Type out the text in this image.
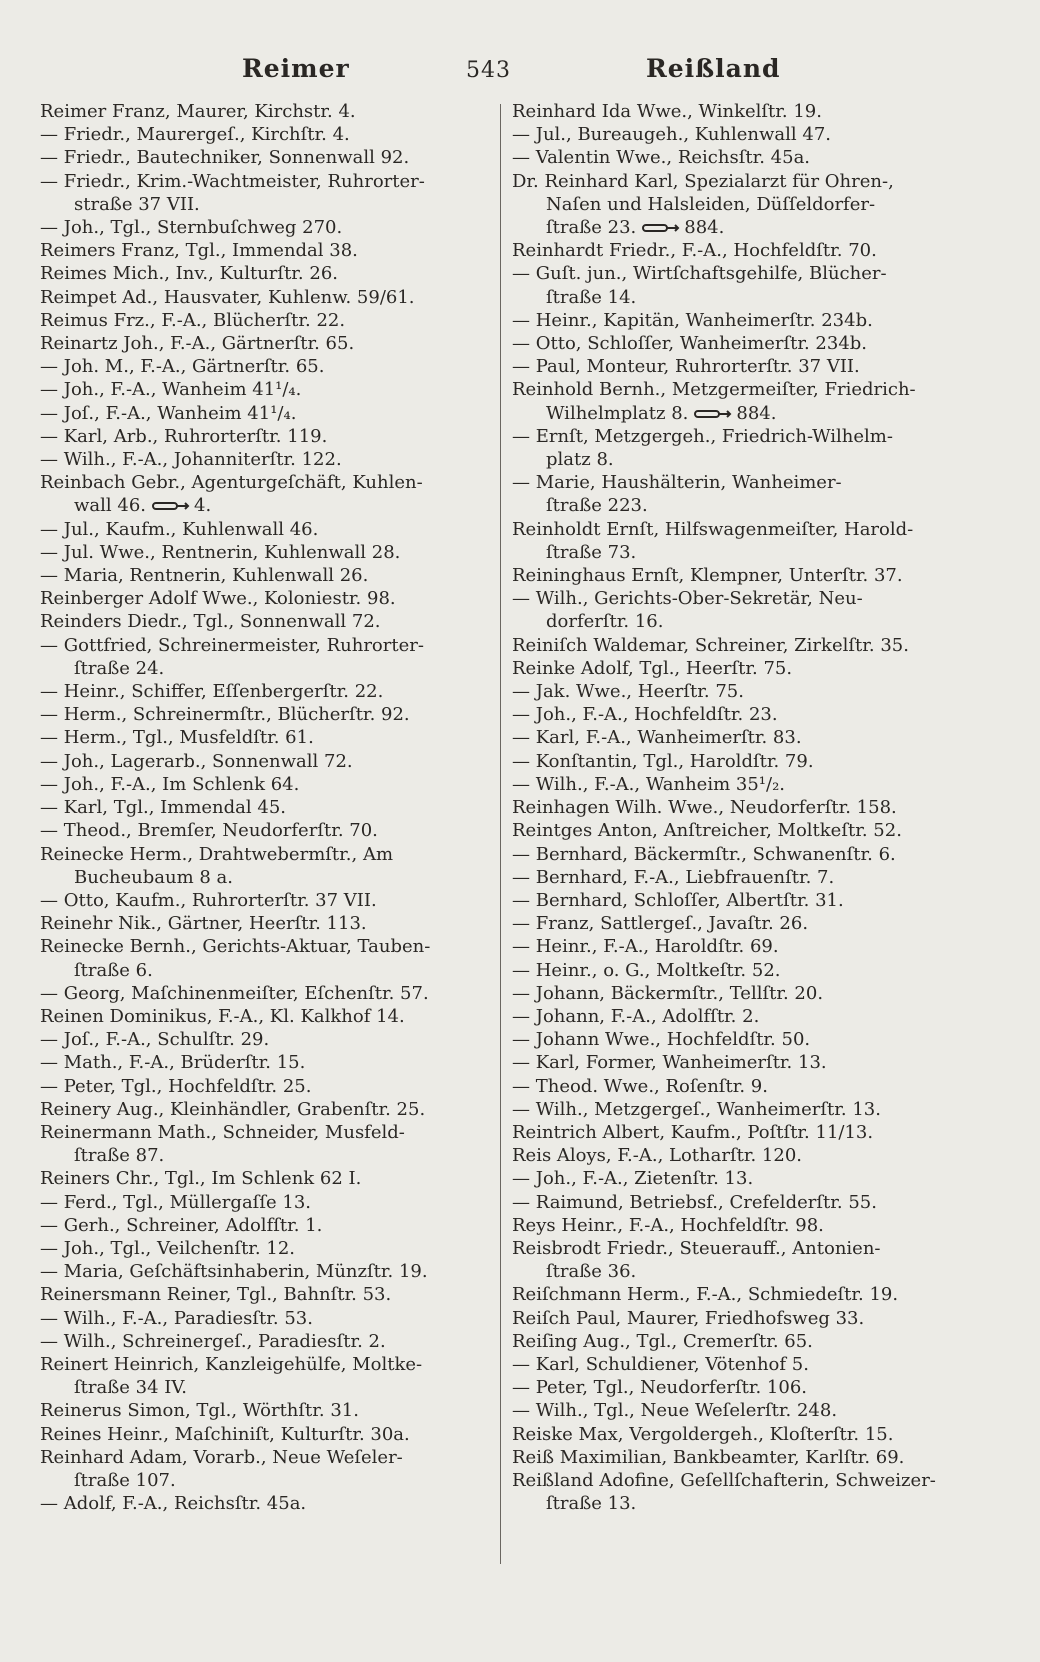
Reimer	543	Reißland
Reimer Franz, Maurer, Kirchstr. 4.
— Friedr., Maurergeſ., Kirchſtr. 4.
— Friedr., Bautechniker, Sonnenwall 92.
— Friedr., Krim.-Wachtmeister, Ruhrorter-
straße 37 VII.
— Joh., Tgl., Sternbuſchweg 270.
Reimers Franz, Tgl., Immendal 38.
Reimes Mich., Inv., Kulturſtr. 26.
Reimpet Ad., Hausvater, Kuhlenw. 59/61.
Reimus Frz., F.-A., Blücherſtr. 22.
Reinartz Joh., F.-A., Gärtnerſtr. 65.
— Joh. M., F.-A., Gärtnerſtr. 65.
— Joh., F.-A., Wanheim 41¹/₄.
— Joſ., F.-A., Wanheim 41¹/₄.
— Karl, Arb., Ruhrorterſtr. 119.
— Wilh., F.-A., Johanniterſtr. 122.
Reinbach Gebr., Agenturgeſchäft, Kuhlen-
wall 46.	4.
— Jul., Kaufm., Kuhlenwall 46.
— Jul. Wwe., Rentnerin, Kuhlenwall 28.
— Maria, Rentnerin, Kuhlenwall 26.
Reinberger Adolf Wwe., Koloniestr. 98.
Reinders Diedr., Tgl., Sonnenwall 72.
— Gottfried, Schreinermeister, Ruhrorter-
ſtraße 24.
— Heinr., Schiffer, Eſſenbergerſtr. 22.
— Herm., Schreinermſtr., Blücherſtr. 92.
— Herm., Tgl., Musfeldſtr. 61.
— Joh., Lagerarb., Sonnenwall 72.
— Joh., F.-A., Im Schlenk 64.
— Karl, Tgl., Immendal 45.
— Theod., Bremſer, Neudorferſtr. 70.
Reinecke Herm., Drahtwebermſtr., Am
Bucheubaum 8 a.
— Otto, Kaufm., Ruhrorterſtr. 37 VII.
Reinehr Nik., Gärtner, Heerſtr. 113.
Reinecke Bernh., Gerichts-Aktuar, Tauben-
ſtraße 6.
— Georg, Maſchinenmeiſter, Eſchenſtr. 57.
Reinen Dominikus, F.-A., Kl. Kalkhof 14.
— Joſ., F.-A., Schulſtr. 29.
— Math., F.-A., Brüderſtr. 15.
— Peter, Tgl., Hochfeldſtr. 25.
Reinery Aug., Kleinhändler, Grabenſtr. 25.
Reinermann Math., Schneider, Musfeld-
ſtraße 87.
Reiners Chr., Tgl., Im Schlenk 62 I.
— Ferd., Tgl., Müllergaſſe 13.
— Gerh., Schreiner, Adolfſtr. 1.
— Joh., Tgl., Veilchenſtr. 12.
— Maria, Geſchäftsinhaberin, Münzſtr. 19.
Reinersmann Reiner, Tgl., Bahnſtr. 53.
— Wilh., F.-A., Paradiesſtr. 53.
— Wilh., Schreinergeſ., Paradiesſtr. 2.
Reinert Heinrich, Kanzleigehülfe, Moltke-
ſtraße 34 IV.
Reinerus Simon, Tgl., Wörthſtr. 31.
Reines Heinr., Maſchiniſt, Kulturſtr. 30a.
Reinhard Adam, Vorarb., Neue Weſeler-
ſtraße 107.
— Adolf, F.-A., Reichsſtr. 45a.
Reinhard Ida Wwe., Winkelſtr. 19.
— Jul., Bureaugeh., Kuhlenwall 47.
— Valentin Wwe., Reichsſtr. 45a.
Dr. Reinhard Karl, Spezialarzt für Ohren-,
Naſen und Halsleiden, Düſſeldorfer-
ſtraße 23.	884.
Reinhardt Friedr., F.-A., Hochfeldſtr. 70.
— Guſt. jun., Wirtſchaftsgehilfe, Blücher-
ſtraße 14.
— Heinr., Kapitän, Wanheimerſtr. 234b.
— Otto, Schloſſer, Wanheimerſtr. 234b.
— Paul, Monteur, Ruhrorterſtr. 37 VII.
Reinhold Bernh., Metzgermeiſter, Friedrich-
Wilhelmplatz 8.	884.
— Ernſt, Metzgergeh., Friedrich-Wilhelm-
platz 8.
— Marie, Haushälterin, Wanheimer-
ſtraße 223.
Reinholdt Ernſt, Hilfswagenmeiſter, Harold-
ſtraße 73.
Reininghaus Ernſt, Klempner, Unterſtr. 37.
— Wilh., Gerichts-Ober-Sekretär, Neu-
dorferſtr. 16.
Reiniſch Waldemar, Schreiner, Zirkelſtr. 35.
Reinke Adolf, Tgl., Heerſtr. 75.
— Jak. Wwe., Heerſtr. 75.
— Joh., F.-A., Hochfeldſtr. 23.
— Karl, F.-A., Wanheimerſtr. 83.
— Konſtantin, Tgl., Haroldſtr. 79.
— Wilh., F.-A., Wanheim 35¹/₂.
Reinhagen Wilh. Wwe., Neudorferſtr. 158.
Reintges Anton, Anſtreicher, Moltkeſtr. 52.
— Bernhard, Bäckermſtr., Schwanenſtr. 6.
— Bernhard, F.-A., Liebfrauenſtr. 7.
— Bernhard, Schloſſer, Albertſtr. 31.
— Franz, Sattlergeſ., Javaſtr. 26.
— Heinr., F.-A., Haroldſtr. 69.
— Heinr., o. G., Moltkeſtr. 52.
— Johann, Bäckermſtr., Tellſtr. 20.
— Johann, F.-A., Adolfſtr. 2.
— Johann Wwe., Hochfeldſtr. 50.
— Karl, Former, Wanheimerſtr. 13.
— Theod. Wwe., Roſenſtr. 9.
— Wilh., Metzgergeſ., Wanheimerſtr. 13.
Reintrich Albert, Kaufm., Poſtſtr. 11/13.
Reis Aloys, F.-A., Lotharſtr. 120.
— Joh., F.-A., Zietenſtr. 13.
— Raimund, Betriebsf., Crefelderſtr. 55.
Reys Heinr., F.-A., Hochfeldſtr. 98.
Reisbrodt Friedr., Steuerauff., Antonien-
ſtraße 36.
Reiſchmann Herm., F.-A., Schmiedeſtr. 19.
Reiſch Paul, Maurer, Friedhofsweg 33.
Reiſing Aug., Tgl., Cremerſtr. 65.
— Karl, Schuldiener, Vötenhof 5.
— Peter, Tgl., Neudorferſtr. 106.
— Wilh., Tgl., Neue Weſelerſtr. 248.
Reiske Max, Vergoldergeh., Kloſterſtr. 15.
Reiß Maximilian, Bankbeamter, Karlſtr. 69.
Reißland Adofine, Geſellſchafterin, Schweizer-
ſtraße 13.
